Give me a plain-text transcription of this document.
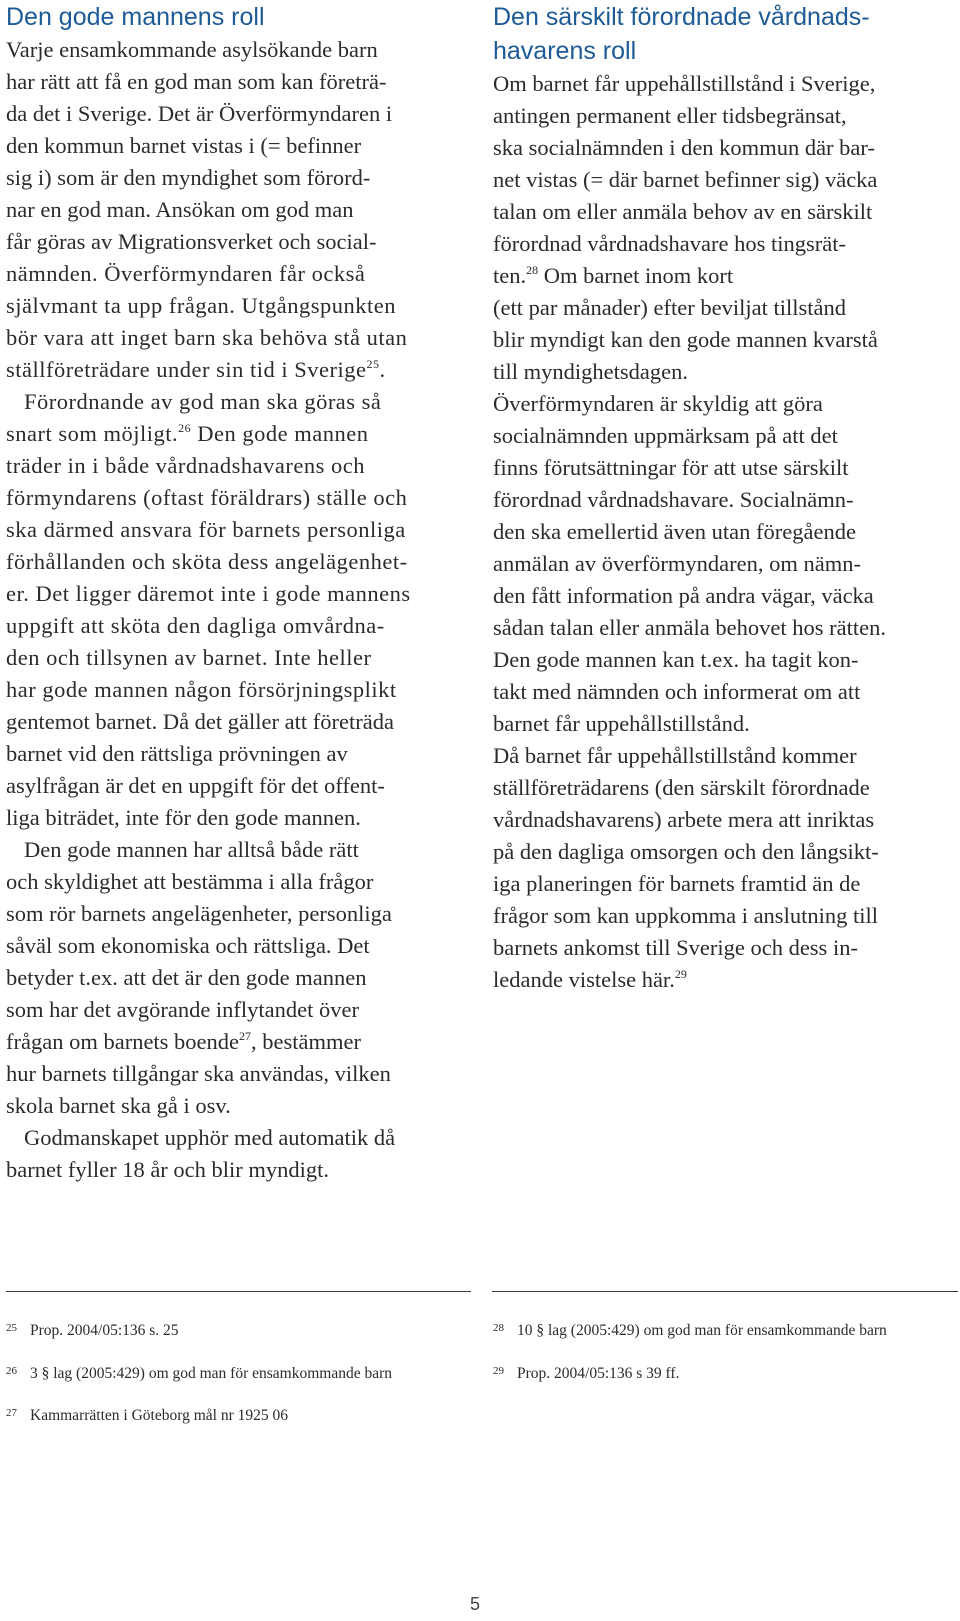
Den gode mannens roll
Varje ensamkommande asylsökande barn
har rätt att få en god man som kan företrä-
da det i Sverige. Det är Överförmyndaren i
den kommun barnet vistas i (= befinner
sig i) som är den myndighet som förord-
nar en god man. Ansökan om god man
får göras av Migrationsverket och social-
nämnden. Överförmyndaren får också
självmant ta upp frågan. Utgångspunkten
bör vara att inget barn ska behöva stå utan
ställföreträdare under sin tid i Sverige$^{25}$.
Förordnande av god man ska göras så
snart som möjligt.$^{26}$ Den gode mannen
träder in i både vårdnadshavarens och
förmyndarens (oftast föräldrars) ställe och
ska därmed ansvara för barnets personliga
förhållanden och sköta dess angelägenhet-
er. Det ligger däremot inte i gode mannens
uppgift att sköta den dagliga omvårdna-
den och tillsynen av barnet. Inte heller
har gode mannen någon försörjningsplikt
gentemot barnet. Då det gäller att företräda
barnet vid den rättsliga prövningen av
asylfrågan är det en uppgift för det offent-
liga biträdet, inte för den gode mannen.
Den gode mannen har alltså både rätt
och skyldighet att bestämma i alla frågor
som rör barnets angelägenheter, personliga
såväl som ekonomiska och rättsliga. Det
betyder t.ex. att det är den gode mannen
som har det avgörande inflytandet över
frågan om barnets boende$^{27}$, bestämmer
hur barnets tillgångar ska användas, vilken
skola barnet ska gå i osv.
Godmanskapet upphör med automatik då
barnet fyller 18 år och blir myndigt.
Den särskilt förordnade vårdnads-
havarens roll
Om barnet får uppehållstillstånd i Sverige,
antingen permanent eller tidsbegränsat,
ska socialnämnden i den kommun där bar-
net vistas (= där barnet befinner sig) väcka
talan om eller anmäla behov av en särskilt
förordnad vårdnadshavare hos tingsrät-
ten.$^{28}$ Om barnet inom kort
(ett par månader) efter beviljat tillstånd
blir myndigt kan den gode mannen kvarstå
till myndighetsdagen.
Överförmyndaren är skyldig att göra
socialnämnden uppmärksam på att det
finns förutsättningar för att utse särskilt
förordnad vårdnadshavare. Socialnämn-
den ska emellertid även utan föregående
anmälan av överförmyndaren, om nämn-
den fått information på andra vägar, väcka
sådan talan eller anmäla behovet hos rätten.
Den gode mannen kan t.ex. ha tagit kon-
takt med nämnden och informerat om att
barnet får uppehållstillstånd.
Då barnet får uppehållstillstånd kommer
ställföreträdarens (den särskilt förordnade
vårdnadshavarens) arbete mera att inriktas
på den dagliga omsorgen och den långsikt-
iga planeringen för barnets framtid än de
frågor som kan uppkomma i anslutning till
barnets ankomst till Sverige och dess in-
ledande vistelse här.$^{29}$
25 Prop. 2004/05:136 s. 25
26 3 § lag (2005:429) om god man för ensamkommande barn
27 Kammarrätten i Göteborg mål nr 1925 06
28 10 § lag (2005:429) om god man för ensamkommande barn
29 Prop. 2004/05:136 s 39 ff.
5
